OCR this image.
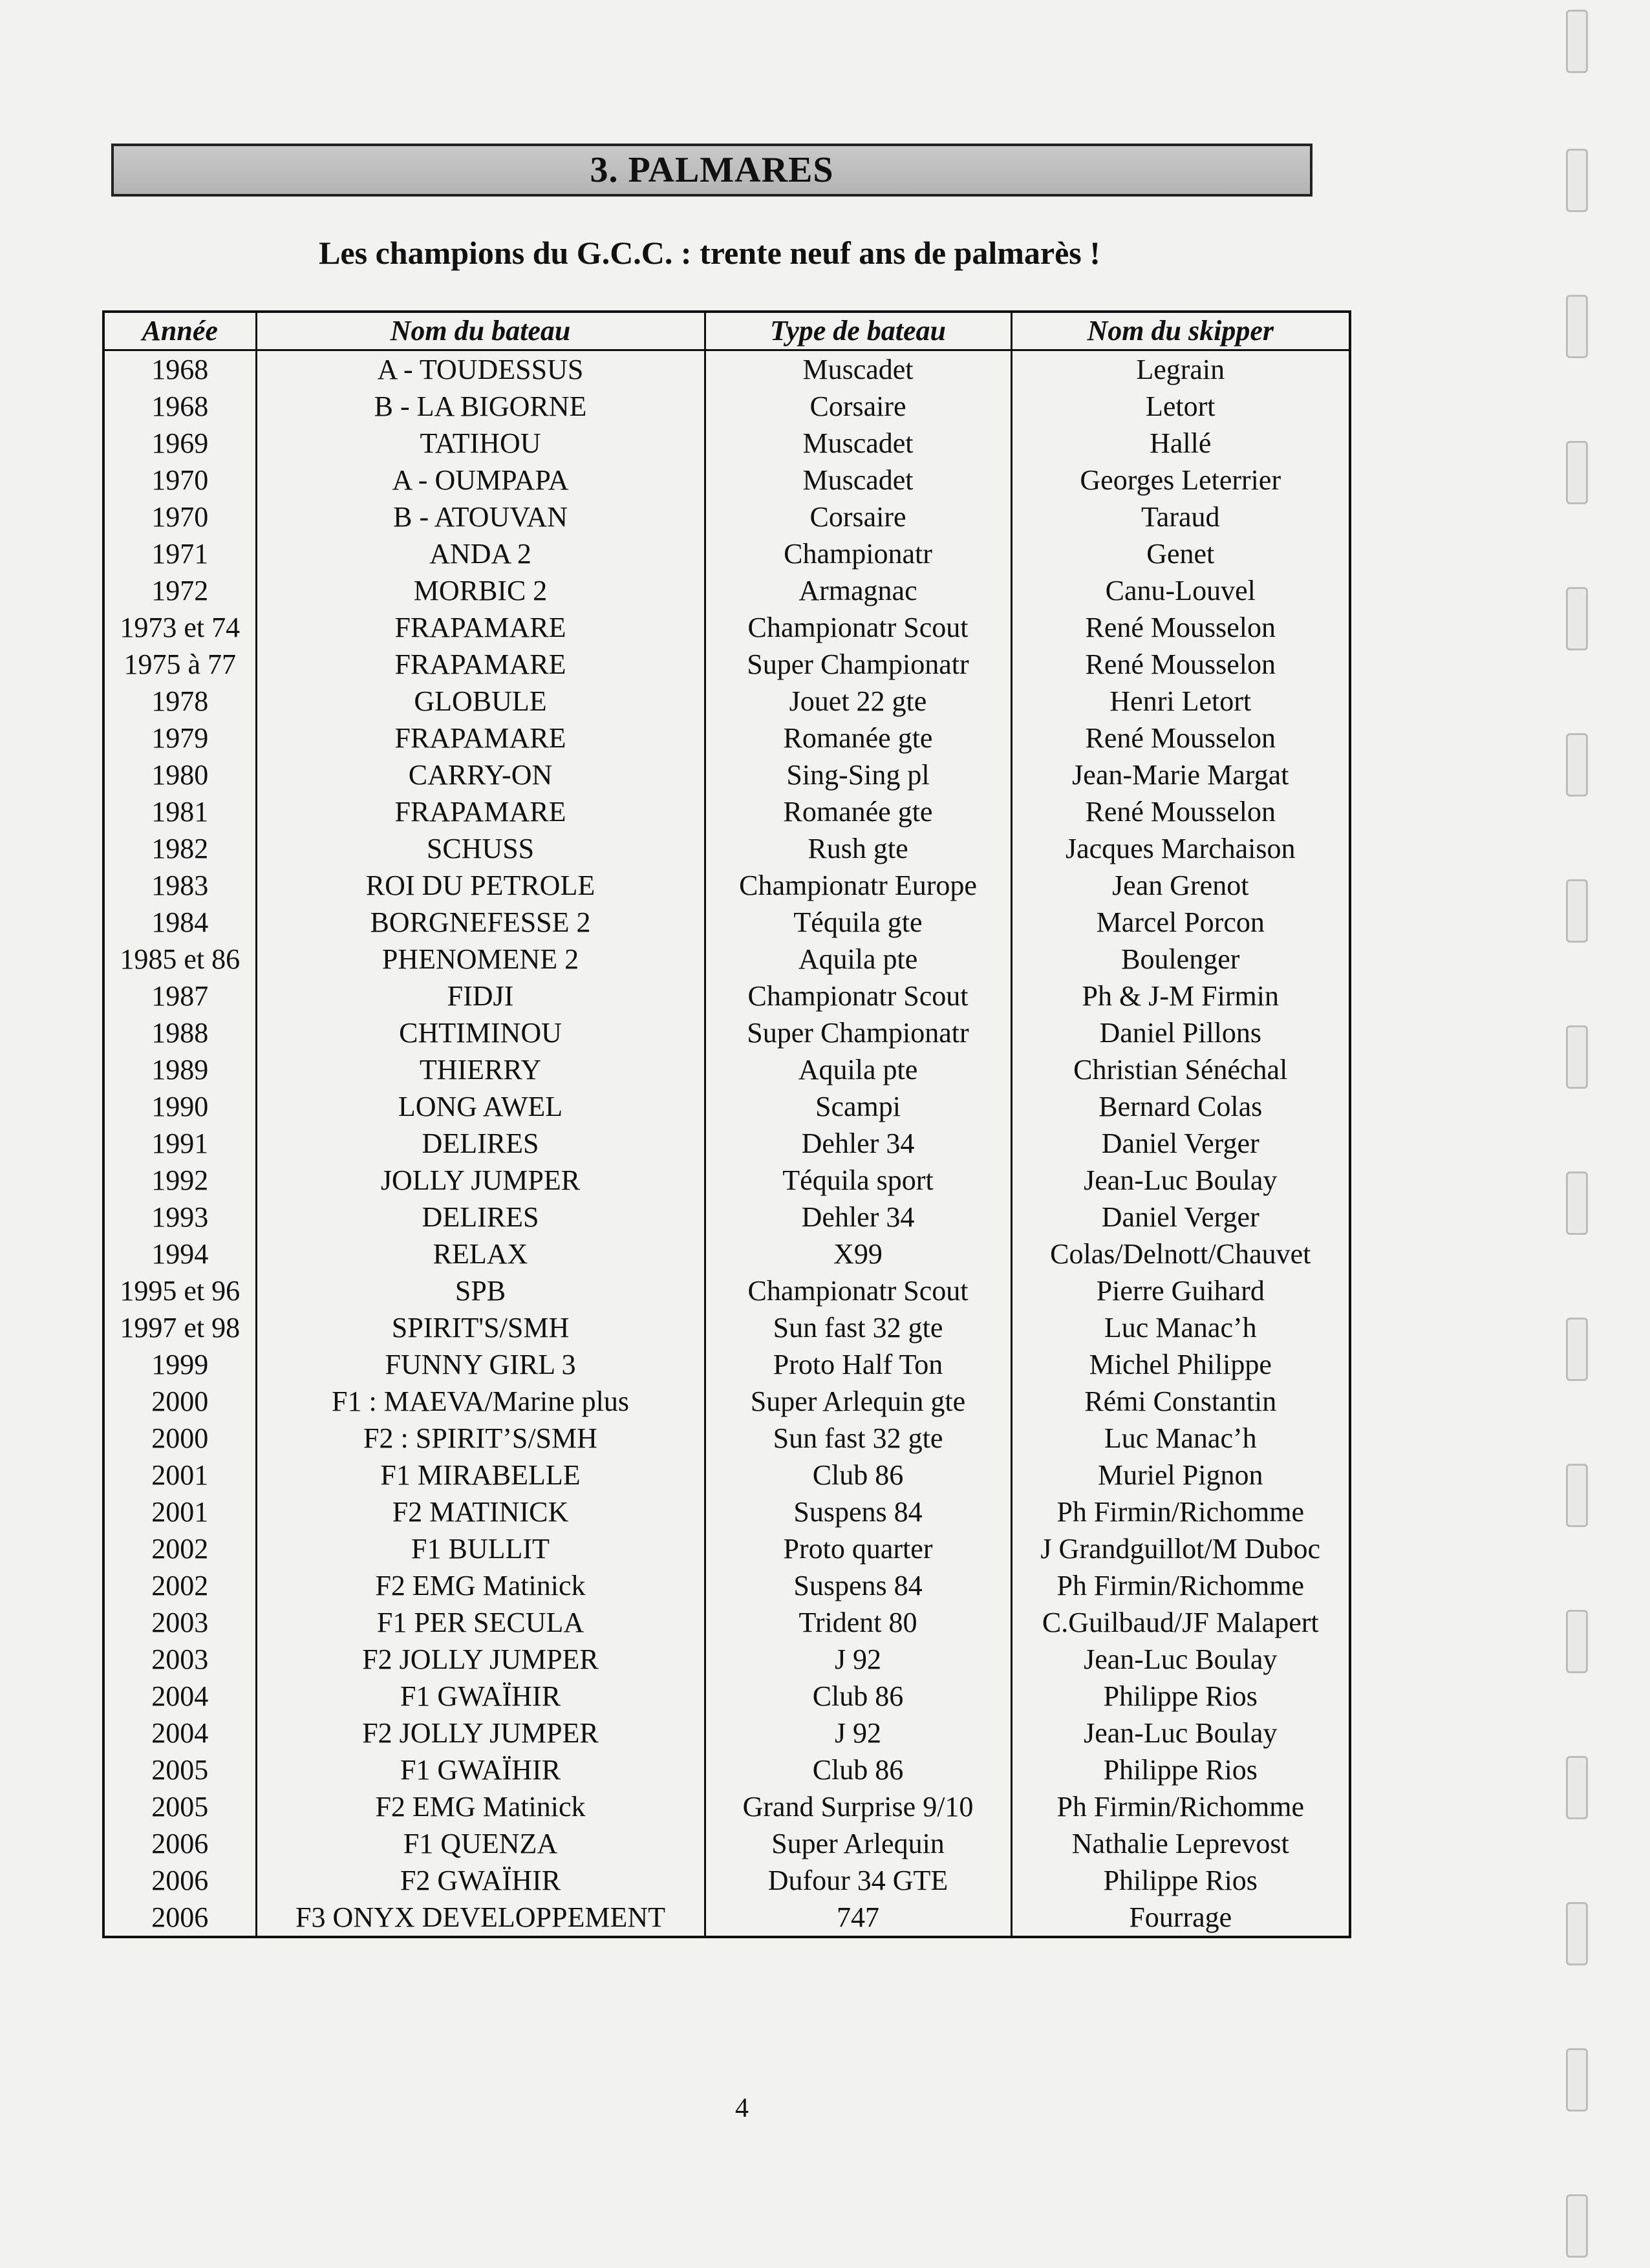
3. PALMARES
Les champions du G.C.C. : trente neuf ans de palmarès !
Année	Nom du bateau	Type de bateau	Nom du skipper
1968	A - TOUDESSUS	Muscadet	Legrain
1968	B - LA BIGORNE	Corsaire	Letort
1969	TATIHOU	Muscadet	Hallé
1970	A - OUMPAPA	Muscadet	Georges Leterrier
1970	B - ATOUVAN	Corsaire	Taraud
1971	ANDA 2	Championatr	Genet
1972	MORBIC 2	Armagnac	Canu-Louvel
1973 et 74	FRAPAMARE	Championatr Scout	René Mousselon
1975 à 77	FRAPAMARE	Super Championatr	René Mousselon
1978	GLOBULE	Jouet 22 gte	Henri Letort
1979	FRAPAMARE	Romanée gte	René Mousselon
1980	CARRY-ON	Sing-Sing pl	Jean-Marie Margat
1981	FRAPAMARE	Romanée gte	René Mousselon
1982	SCHUSS	Rush gte	Jacques Marchaison
1983	ROI DU PETROLE	Championatr Europe	Jean Grenot
1984	BORGNEFESSE 2	Téquila gte	Marcel Porcon
1985 et 86	PHENOMENE 2	Aquila pte	Boulenger
1987	FIDJI	Championatr Scout	Ph & J-M Firmin
1988	CHTIMINOU	Super Championatr	Daniel Pillons
1989	THIERRY	Aquila pte	Christian Sénéchal
1990	LONG AWEL	Scampi	Bernard Colas
1991	DELIRES	Dehler 34	Daniel Verger
1992	JOLLY JUMPER	Téquila sport	Jean-Luc Boulay
1993	DELIRES	Dehler 34	Daniel Verger
1994	RELAX	X99	Colas/Delnott/Chauvet
1995 et 96	SPB	Championatr Scout	Pierre Guihard
1997 et 98	SPIRIT'S/SMH	Sun fast 32 gte	Luc Manac’h
1999	FUNNY GIRL 3	Proto Half Ton	Michel Philippe
2000	F1 : MAEVA/Marine plus	Super Arlequin gte	Rémi Constantin
2000	F2 : SPIRIT’S/SMH	Sun fast 32 gte	Luc Manac’h
2001	F1 MIRABELLE	Club 86	Muriel Pignon
2001	F2 MATINICK	Suspens 84	Ph Firmin/Richomme
2002	F1 BULLIT	Proto quarter	J Grandguillot/M Duboc
2002	F2 EMG Matinick	Suspens 84	Ph Firmin/Richomme
2003	F1 PER SECULA	Trident 80	C.Guilbaud/JF Malapert
2003	F2 JOLLY JUMPER	J 92	Jean-Luc Boulay
2004	F1 GWAÏHIR	Club 86	Philippe Rios
2004	F2 JOLLY JUMPER	J 92	Jean-Luc Boulay
2005	F1 GWAÏHIR	Club 86	Philippe Rios
2005	F2 EMG Matinick	Grand Surprise 9/10	Ph Firmin/Richomme
2006	F1 QUENZA	Super Arlequin	Nathalie Leprevost
2006	F2 GWAÏHIR	Dufour 34 GTE	Philippe Rios
2006	F3 ONYX DEVELOPPEMENT	747	Fourrage
4
